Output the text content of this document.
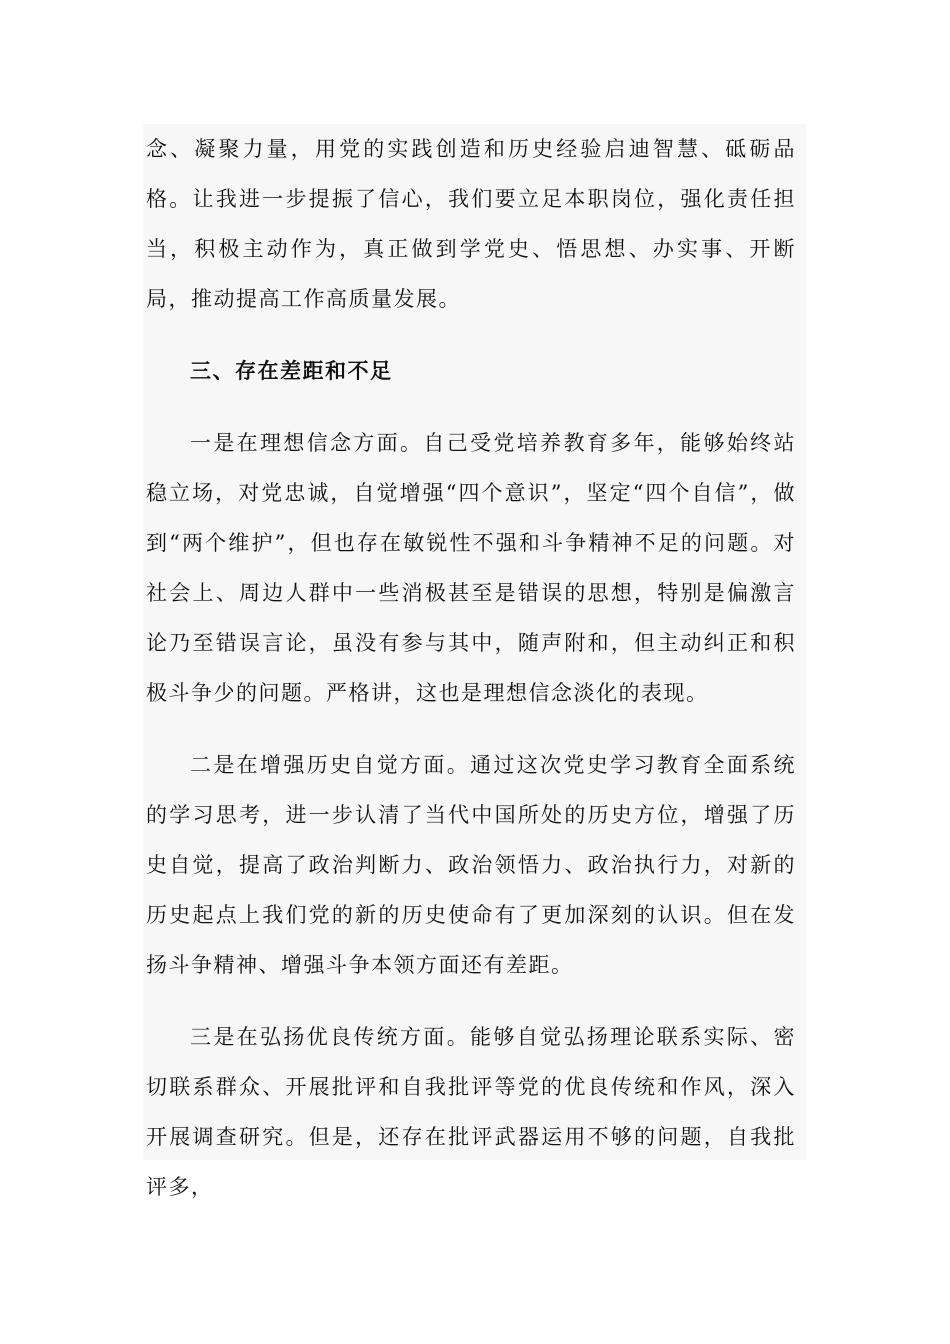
念、凝聚力量，用党的实践创造和历史经验启迪智慧、砥砺品格。让我进一步提振了信心，我们要立足本职岗位，强化责任担当，积极主动作为，真正做到学党史、悟思想、办实事、开断局，推动提高工作高质量发展。

三、存在差距和不足

一是在理想信念方面。自己受党培养教育多年，能够始终站稳立场，对党忠诚，自觉增强“四个意识”，坚定“四个自信”，做到“两个维护”，但也存在敏锐性不强和斗争精神不足的问题。对社会上、周边人群中一些消极甚至是错误的思想，特别是偏激言论乃至错误言论，虽没有参与其中，随声附和，但主动纠正和积极斗争少的问题。严格讲，这也是理想信念淡化的表现。

二是在增强历史自觉方面。通过这次党史学习教育全面系统的学习思考，进一步认清了当代中国所处的历史方位，增强了历史自觉，提高了政治判断力、政治领悟力、政治执行力，对新的历史起点上我们党的新的历史使命有了更加深刻的认识。但在发扬斗争精神、增强斗争本领方面还有差距。

三是在弘扬优良传统方面。能够自觉弘扬理论联系实际、密切联系群众、开展批评和自我批评等党的优良传统和作风，深入开展调查研究。但是，还存在批评武器运用不够的问题，自我批评多，
